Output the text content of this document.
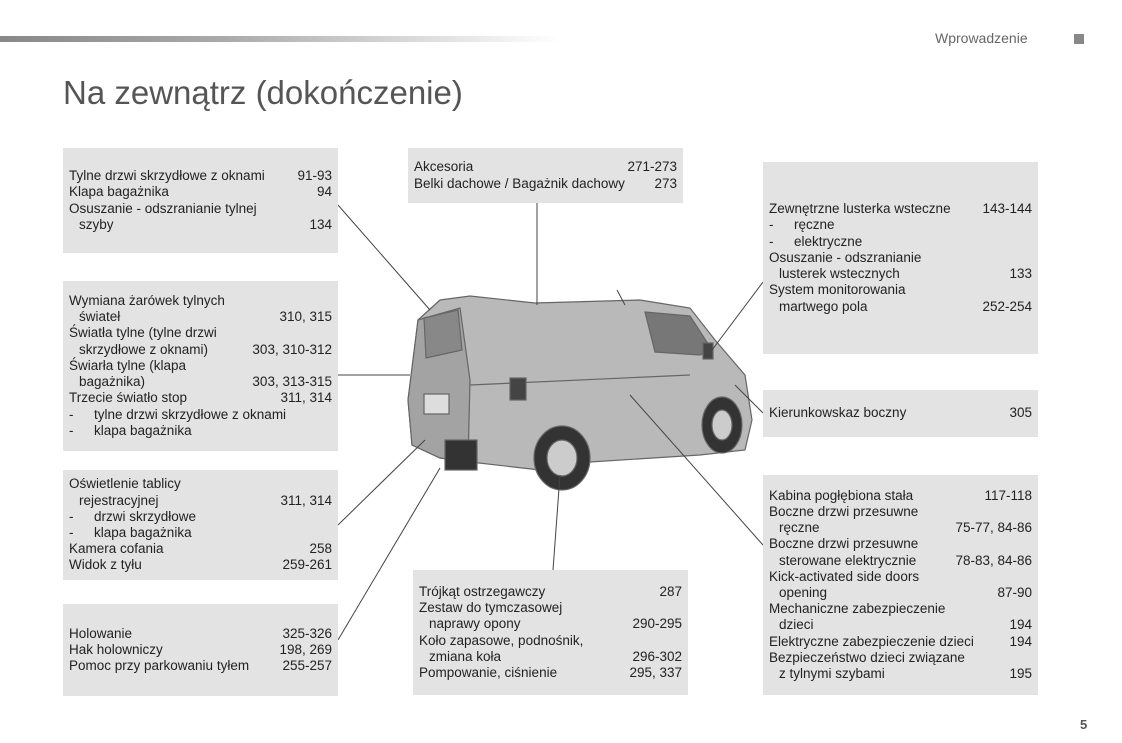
Wprowadzenie
Na zewnątrz (dokończenie)
Tylne drzwi skrzydłowe z oknami 91-93
Klapa bagażnika	94
Osuszanie - odszranianie tylnej
szyby	134
Wymiana żarówek tylnych
świateł	310, 315
Światła tylne (tylne drzwi
skrzydłowe z oknami)	303, 310-312
Świarła tylne (klapa
bagażnika)	303, 313-315
Trzecie światło stop	311, 314
- tylne drzwi skrzydłowe z oknami
- klapa bagażnika
Oświetlenie tablicy
rejestracyjnej	311, 314
- drzwi skrzydłowe
- klapa bagażnika
Kamera cofania	258
Widok z tyłu	259-261
Holowanie	325-326
Hak holowniczy	198, 269
Pomoc przy parkowaniu tyłem 255-257
Akcesoria	271-273
Belki dachowe / Bagażnik dachowy 273
Zewnętrzne lusterka wsteczne 143-144
- ręczne
- elektryczne
Osuszanie - odszranianie
lusterek wstecznych	133
System monitorowania
martwego pola	252-254
Kierunkowskaz boczny	305
Kabina pogłębiona stała	117-118
Boczne drzwi przesuwne
ręczne	75-77, 84-86
Boczne drzwi przesuwne
sterowane elektrycznie	78-83, 84-86
Kick-activated side doors
opening	87-90
Mechaniczne zabezpieczenie
dzieci	194
Elektryczne zabezpieczenie dzieci	194
Bezpieczeństwo dzieci związane
z tylnymi szybami	195
Trójkąt ostrzegawczy	287
Zestaw do tymczasowej
naprawy opony	290-295
Koło zapasowe, podnośnik,
zmiana koła	296-302
Pompowanie, ciśnienie	295, 337
5
